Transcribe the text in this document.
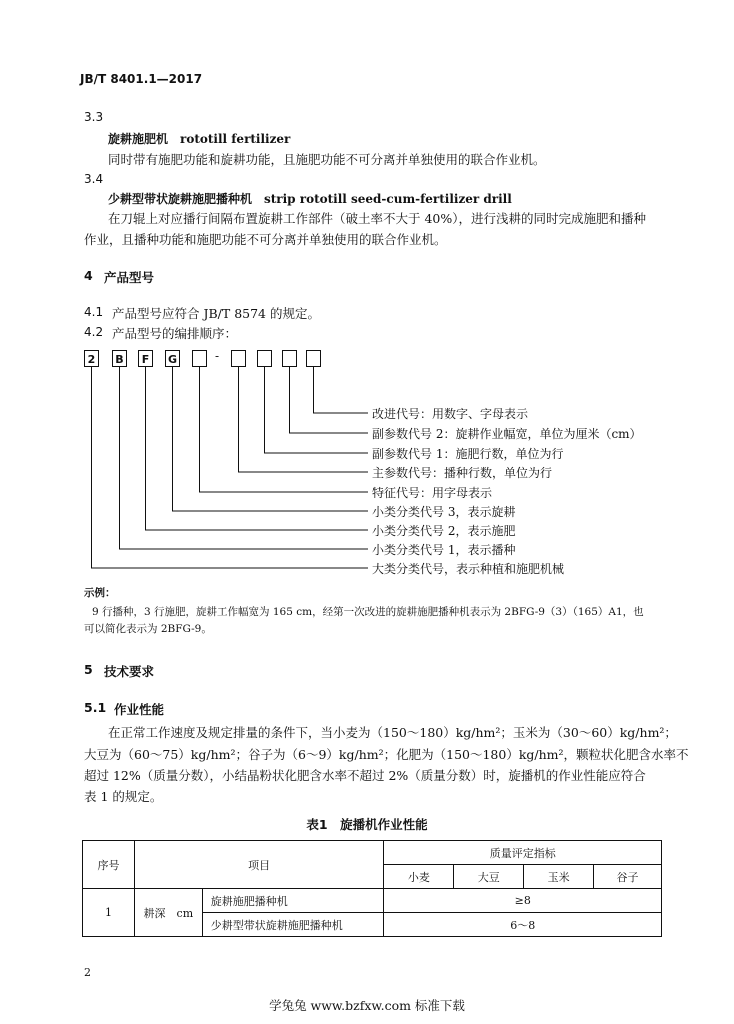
JB/T 8401.1—2017
3.3
旋耕施肥机　rototill fertilizer
同时带有施肥功能和旋耕功能，且施肥功能不可分离并单独使用的联合作业机。
3.4
少耕型带状旋耕施肥播种机　strip rototill seed-cum-fertilizer drill
在刀辊上对应播行间隔布置旋耕工作部件（破土率不大于 40%），进行浅耕的同时完成施肥和播种
作业，且播种功能和施肥功能不可分离并单独使用的联合作业机。
4 产品型号
4.1 产品型号应符合 JB/T 8574 的规定。
4.2 产品型号的编排顺序：
2	B	F	G	-
改进代号：用数字、字母表示
副参数代号 2：旋耕作业幅宽，单位为厘米（cm）
副参数代号 1：施肥行数，单位为行
主参数代号：播种行数，单位为行
特征代号：用字母表示
小类分类代号 3，表示旋耕
小类分类代号 2，表示施肥
小类分类代号 1，表示播种
大类分类代号，表示种植和施肥机械
示例：
9 行播种，3 行施肥，旋耕工作幅宽为 165 cm，经第一次改进的旋耕施肥播种机表示为 2BFG-9（3）（165）A1，也
可以简化表示为 2BFG-9。
5 技术要求
5.1 作业性能
在正常工作速度及规定排量的条件下，当小麦为（150～180）kg/hm²；玉米为（30～60）kg/hm²；
大豆为（60～75）kg/hm²；谷子为（6～9）kg/hm²；化肥为（150～180）kg/hm²，颗粒状化肥含水率不
超过 12%（质量分数），小结晶粉状化肥含水率不超过 2%（质量分数）时，旋播机的作业性能应符合
表 1 的规定。
表1　旋播机作业性能
序号	项目		质量评定指标			
			小麦	大豆	玉米	谷子
1	耕深　cm	旋耕施肥播种机	≥8			
		少耕型带状旋耕施肥播种机	6～8			
2
学兔兔 www.bzfxw.com 标准下载
